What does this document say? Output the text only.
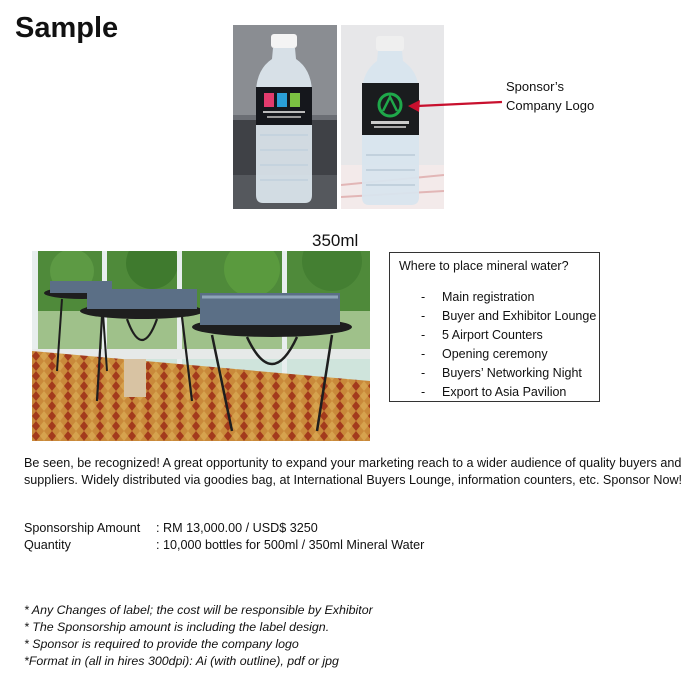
Sample
Sponsor’s
Company Logo
350ml
Where to place mineral water?
- Main registration
- Buyer and Exhibitor Lounge
- 5 Airport Counters
- Opening ceremony
- Buyers’ Networking Night
- Export to Asia Pavilion
Be seen, be recognized! A great opportunity to expand your marketing reach to a wider audience of quality buyers and suppliers. Widely distributed via goodies bag, at International Buyers Lounge, information counters, etc. Sponsor Now!
Sponsorship Amount : RM 13,000.00 / USD$ 3250
Quantity	: 10,000 bottles for 500ml / 350ml Mineral Water
* Any Changes of label; the cost will be responsible by Exhibitor
* The Sponsorship amount is including the label design.
* Sponsor is required to provide the company logo
*Format in (all in hires 300dpi): Ai (with outline), pdf or jpg
